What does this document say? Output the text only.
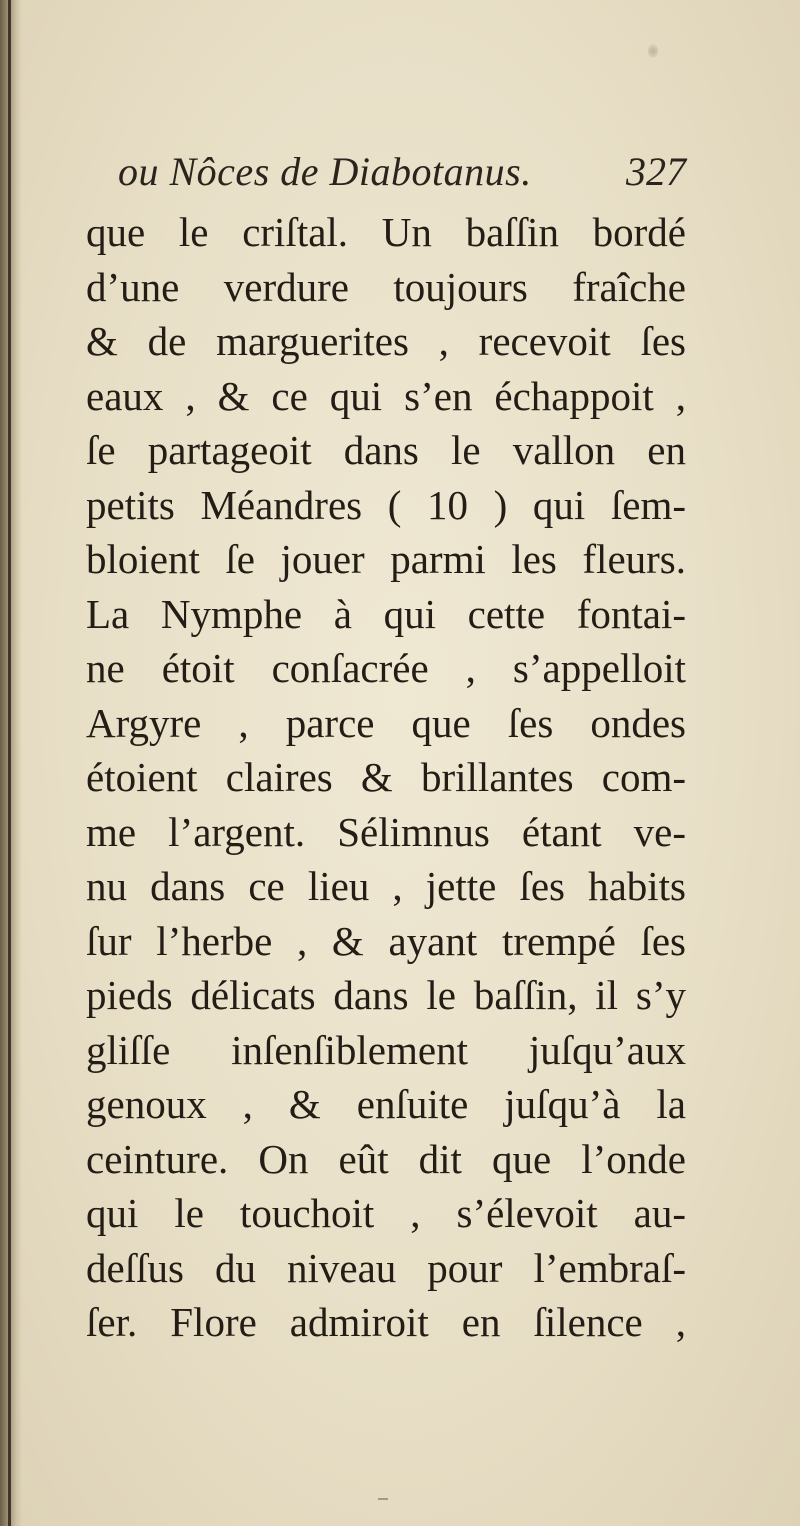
ou Nôces de Diabotanus. 327
que le criſtal. Un baſſin bordé
d’une verdure toujours fraîche
& de marguerites , recevoit ſes
eaux , & ce qui s’en échappoit ,
ſe partageoit dans le vallon en
petits Méandres ( 10 ) qui ſem-
bloient ſe jouer parmi les fleurs.
La Nymphe à qui cette fontai-
ne étoit conſacrée , s’appelloit
Argyre , parce que ſes ondes
étoient claires & brillantes com-
me l’argent. Sélimnus étant ve-
nu dans ce lieu , jette ſes habits
ſur l’herbe , & ayant trempé ſes
pieds délicats dans le baſſin, il s’y
gliſſe inſenſiblement juſqu’aux
genoux , & enſuite juſqu’à la
ceinture. On eût dit que l’onde
qui le touchoit , s’élevoit au-
deſſus du niveau pour l’embraſ-
ſer. Flore admiroit en ſilence ,
